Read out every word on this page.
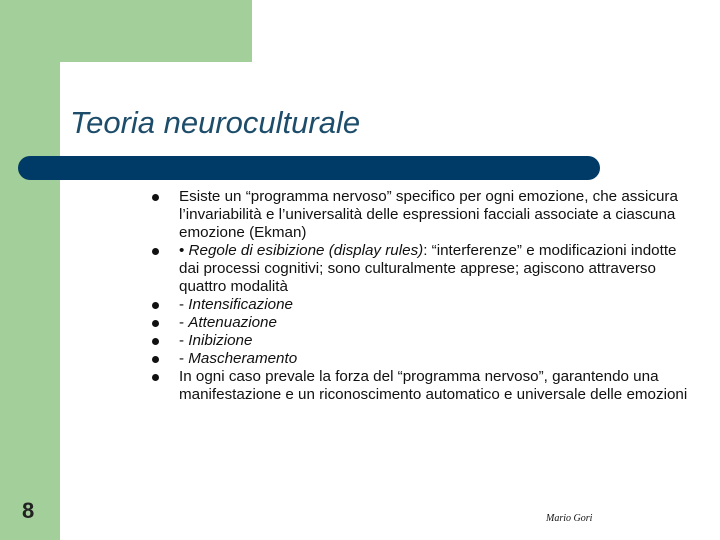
Teoria neuroculturale
Esiste un “programma nervoso” specifico per ogni emozione, che assicura l’invariabilità e l’universalità delle espressioni facciali associate a ciascuna emozione (Ekman)
• Regole di esibizione (display rules): “interferenze” e modificazioni indotte dai processi cognitivi; sono culturalmente apprese; agiscono attraverso quattro modalità
- Intensificazione
- Attenuazione
- Inibizione
- Mascheramento
In ogni caso prevale la forza del “programma nervoso”, garantendo una manifestazione e un riconoscimento automatico e universale delle emozioni
8	Mario Gori
